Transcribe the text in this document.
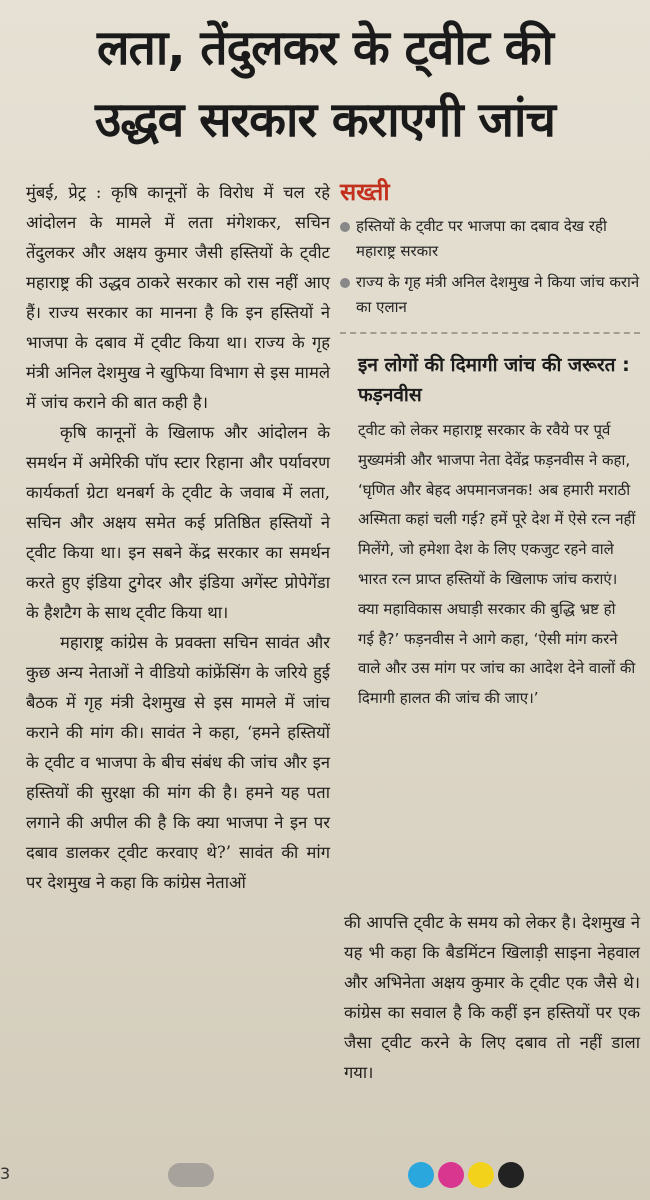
लता, तेंदुलकर के ट्वीट की
उद्धव सरकार कराएगी जांच

मुंबई, प्रेट्र : कृषि कानूनों के विरोध में चल रहे आंदोलन के मामले में लता मंगेशकर, सचिन तेंदुलकर और अक्षय कुमार जैसी हस्तियों के ट्वीट महाराष्ट्र की उद्धव ठाकरे सरकार को रास नहीं आए हैं। राज्य सरकार का मानना है कि इन हस्तियों ने भाजपा के दबाव में ट्वीट किया था। राज्य के गृह मंत्री अनिल देशमुख ने खुफिया विभाग से इस मामले में जांच कराने की बात कही है।

कृषि कानूनों के खिलाफ और आंदोलन के समर्थन में अमेरिकी पॉप स्टार रिहाना और पर्यावरण कार्यकर्ता ग्रेटा थनबर्ग के ट्वीट के जवाब में लता, सचिन और अक्षय समेत कई प्रतिष्ठित हस्तियों ने ट्वीट किया था। इन सबने केंद्र सरकार का समर्थन करते हुए इंडिया टुगेदर और इंडिया अगेंस्ट प्रोपेगेंडा के हैशटैग के साथ ट्वीट किया था।

महाराष्ट्र कांग्रेस के प्रवक्ता सचिन सावंत और कुछ अन्य नेताओं ने वीडियो कांफ्रेंसिंग के जरिये हुई बैठक में गृह मंत्री देशमुख से इस मामले में जांच कराने की मांग की। सावंत ने कहा, ‘हमने हस्तियों के ट्वीट व भाजपा के बीच संबंध की जांच और इन हस्तियों की सुरक्षा की मांग की है। हमने यह पता लगाने की अपील की है कि क्या भाजपा ने इन पर दबाव डालकर ट्वीट करवाए थे?’ सावंत की मांग पर देशमुख ने कहा कि कांग्रेस नेताओं

सख्ती
हस्तियों के ट्वीट पर भाजपा का दबाव देख रही महाराष्ट्र सरकार
राज्य के गृह मंत्री अनिल देशमुख ने किया जांच कराने का एलान
इन लोगों की दिमागी जांच की जरूरत : फड़नवीस
ट्वीट को लेकर महाराष्ट्र सरकार के रवैये पर पूर्व मुख्यमंत्री और भाजपा नेता देवेंद्र फड़नवीस ने कहा, ‘घृणित और बेहद अपमानजनक! अब हमारी मराठी अस्मिता कहां चली गई? हमें पूरे देश में ऐसे रत्न नहीं मिलेंगे, जो हमेशा देश के लिए एकजुट रहने वाले भारत रत्न प्राप्त हस्तियों के खिलाफ जांच कराएं। क्या महाविकास अघाड़ी सरकार की बुद्धि भ्रष्ट हो गई है?’ फड़नवीस ने आगे कहा, ‘ऐसी मांग करने वाले और उस मांग पर जांच का आदेश देने वालों की दिमागी हालत की जांच की जाए।’

की आपत्ति ट्वीट के समय को लेकर है। देशमुख ने यह भी कहा कि बैडमिंटन खिलाड़ी साइना नेहवाल और अभिनेता अक्षय कुमार के ट्वीट एक जैसे थे। कांग्रेस का सवाल है कि कहीं इन हस्तियों पर एक जैसा ट्वीट करने के लिए दबाव तो नहीं डाला गया।

3
